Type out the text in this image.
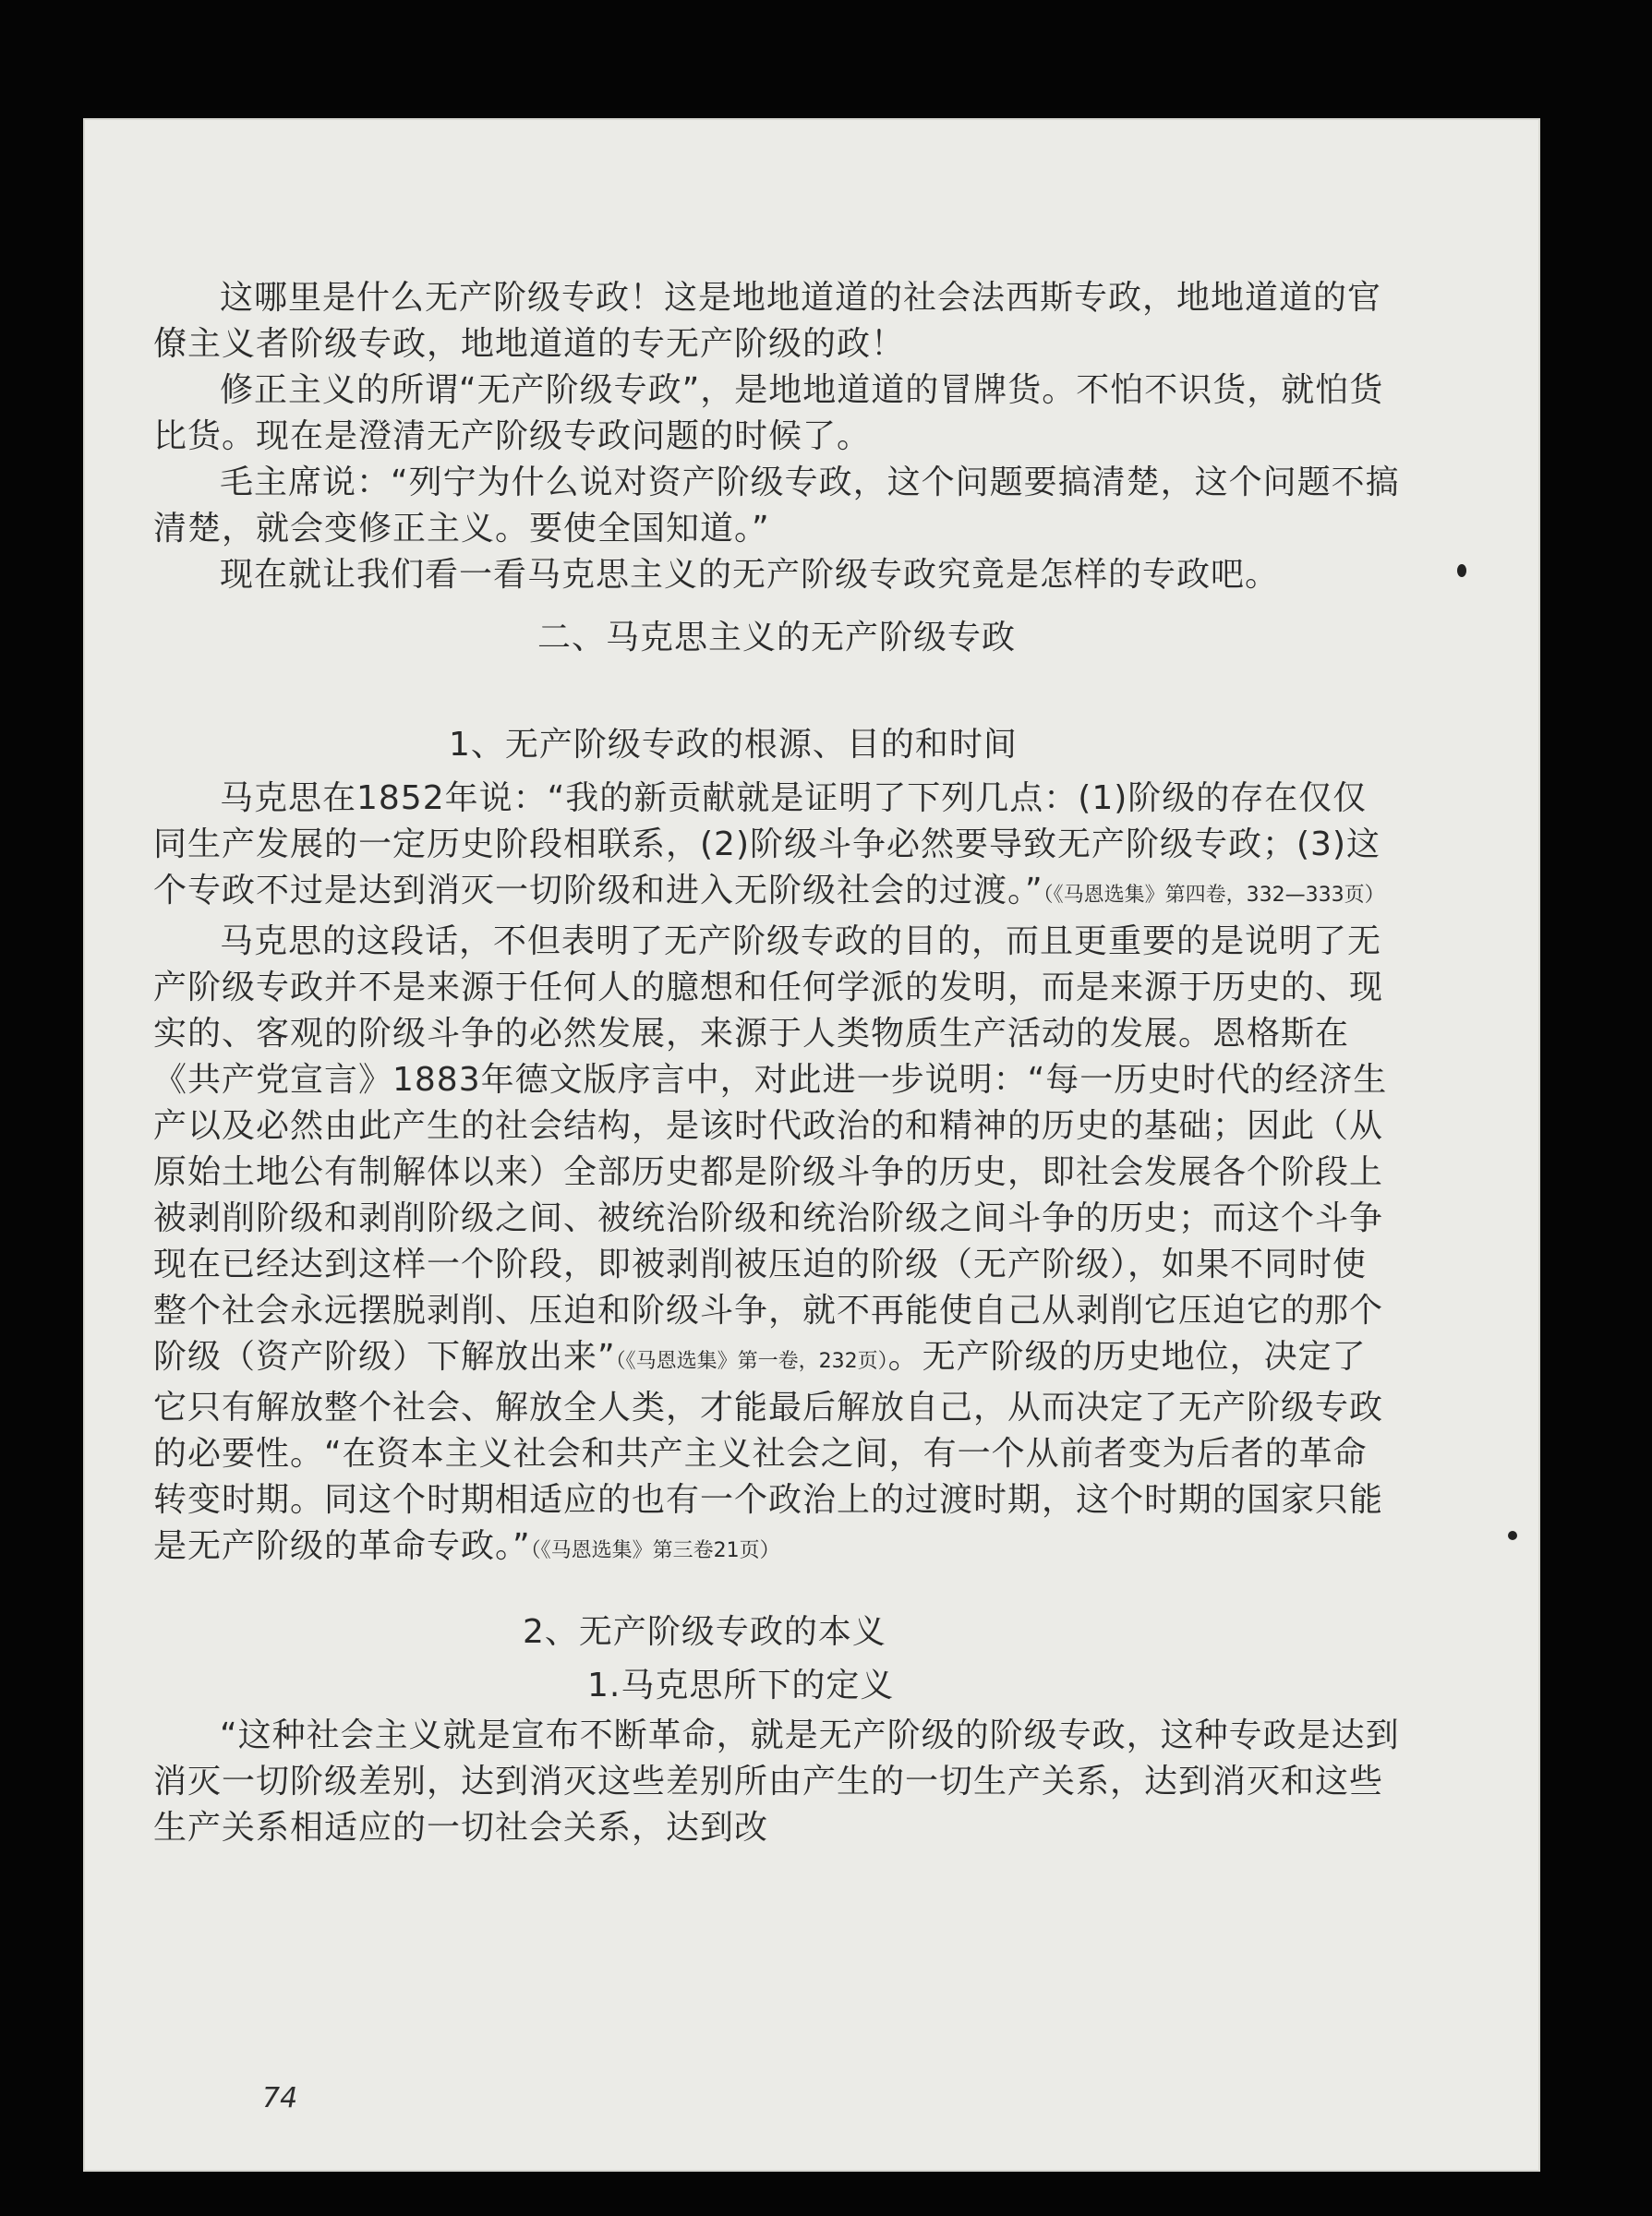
这哪里是什么无产阶级专政！这是地地道道的社会法西斯专政，地地道道的官僚主义者阶级专政，地地道道的专无产阶级的政！

修正主义的所谓“无产阶级专政”，是地地道道的冒牌货。不怕不识货，就怕货比货。现在是澄清无产阶级专政问题的时候了。

毛主席说：“列宁为什么说对资产阶级专政，这个问题要搞清楚，这个问题不搞清楚，就会变修正主义。要使全国知道。”

现在就让我们看一看马克思主义的无产阶级专政究竟是怎样的专政吧。

二、马克思主义的无产阶级专政
1、无产阶级专政的根源、目的和时间

马克思在1852年说：“我的新贡献就是证明了下列几点：(1)阶级的存在仅仅同生产发展的一定历史阶段相联系，(2)阶级斗争必然要导致无产阶级专政；(3)这个专政不过是达到消灭一切阶级和进入无阶级社会的过渡。”（《马恩选集》第四卷，332—333页）

马克思的这段话，不但表明了无产阶级专政的目的，而且更重要的是说明了无产阶级专政并不是来源于任何人的臆想和任何学派的发明，而是来源于历史的、现实的、客观的阶级斗争的必然发展，来源于人类物质生产活动的发展。恩格斯在《共产党宣言》1883年德文版序言中，对此进一步说明：“每一历史时代的经济生产以及必然由此产生的社会结构，是该时代政治的和精神的历史的基础；因此（从原始土地公有制解体以来）全部历史都是阶级斗争的历史，即社会发展各个阶段上被剥削阶级和剥削阶级之间、被统治阶级和统治阶级之间斗争的历史；而这个斗争现在已经达到这样一个阶段，即被剥削被压迫的阶级（无产阶级），如果不同时使整个社会永远摆脱剥削、压迫和阶级斗争，就不再能使自己从剥削它压迫它的那个阶级（资产阶级）下解放出来”（《马恩选集》第一卷，232页）。无产阶级的历史地位，决定了它只有解放整个社会、解放全人类，才能最后解放自己，从而决定了无产阶级专政的必要性。“在资本主义社会和共产主义社会之间，有一个从前者变为后者的革命转变时期。同这个时期相适应的也有一个政治上的过渡时期，这个时期的国家只能是无产阶级的革命专政。”（《马恩选集》第三卷21页）

2、无产阶级专政的本义
1.马克思所下的定义

“这种社会主义就是宣布不断革命，就是无产阶级的阶级专政，这种专政是达到消灭一切阶级差别，达到消灭这些差别所由产生的一切生产关系，达到消灭和这些生产关系相适应的一切社会关系，达到改

74
